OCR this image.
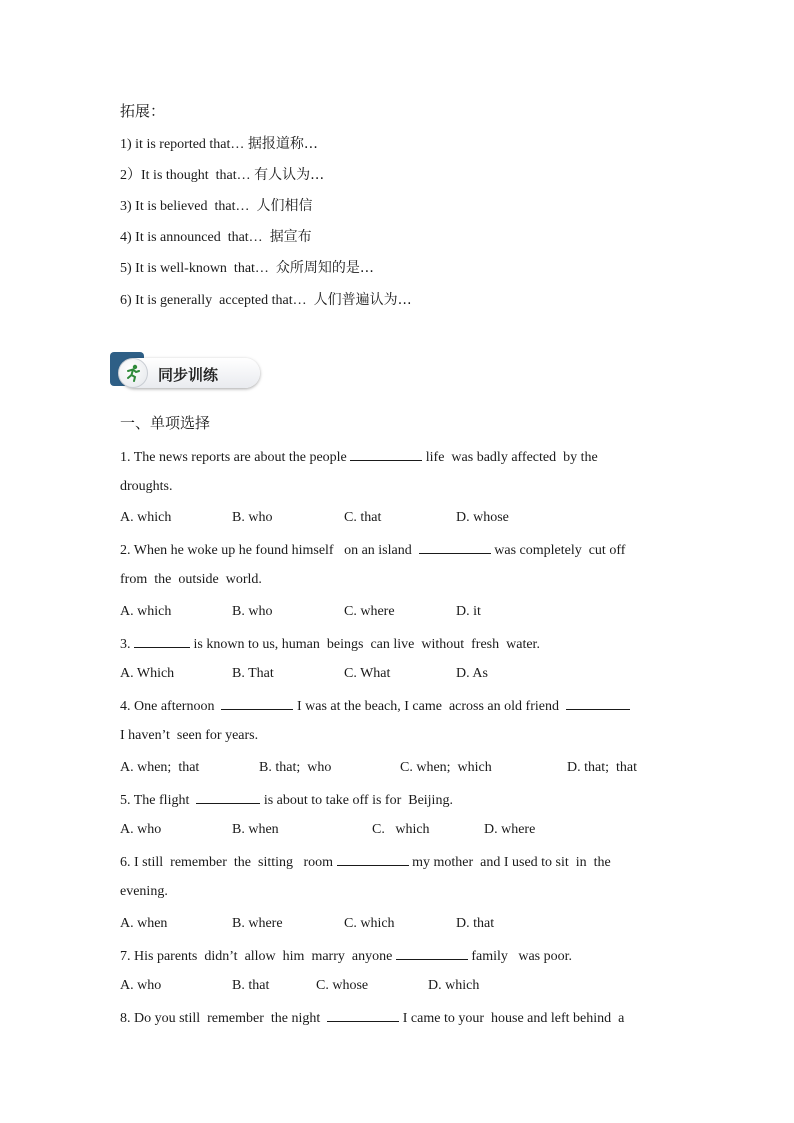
拓展：
1) it is reported that… 据报道称…
2）It is thought  that… 有人认为…
3) It is believed  that…  人们相信
4) It is announced  that…  据宣布
5) It is well-known  that…  众所周知的是…
6) It is generally  accepted that…  人们普遍认为…
同步训练
一、单项选择
1. The news reports are about the people	life  was badly affected  by the
droughts.
A. which	B. who	C. that	D. whose
2. When he woke up he found himself   on an island	was completely  cut off
from  the  outside  world.
A. which	B. who	C. where	D. it
3.	is known to us, human  beings  can live  without  fresh  water.
A. Which	B. That	C. What	D. As
4. One afternoon	I was at the beach, I came  across an old friend
I haven’t  seen for years.
A. when;  that	B. that;  who	C. when;  which	D. that;  that
5. The flight	is about to take off is for  Beijing.
A. who	B. when	C.   which	D. where
6. I still  remember  the  sitting   room	my mother  and I used to sit  in  the
evening.
A. when	B. where	C. which	D. that
7. His parents  didn’t  allow  him  marry  anyone	family   was poor.
A. who	B. that	C. whose	D. which
8. Do you still  remember  the night	I came to your  house and left behind  a
